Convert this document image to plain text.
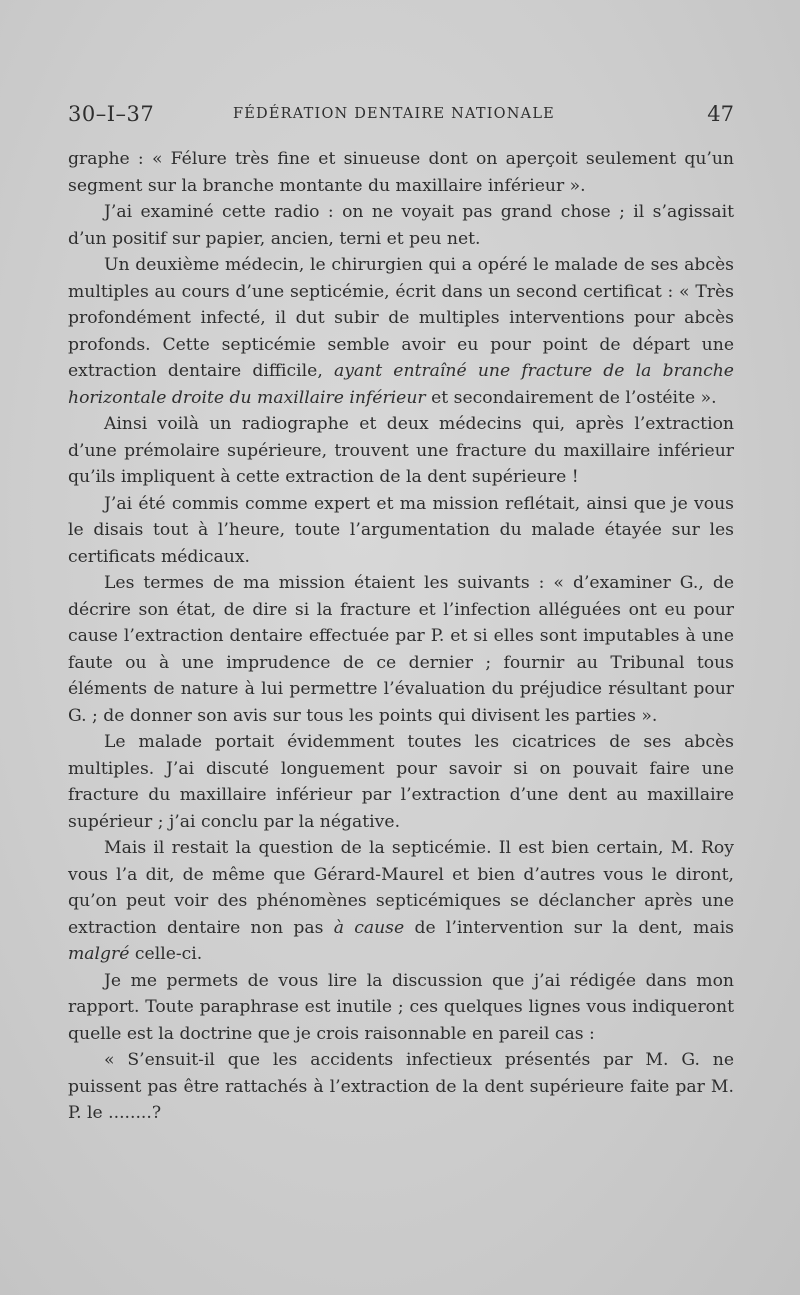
30–I–37	FÉDÉRATION DENTAIRE NATIONALE	47

graphe : « Félure très fine et sinueuse dont on aperçoit seulement qu’un segment sur la branche montante du maxillaire inférieur ».

J’ai examiné cette radio : on ne voyait pas grand chose ; il s’agissait d’un positif sur papier, ancien, terni et peu net.

Un deuxième médecin, le chirurgien qui a opéré le malade de ses abcès multiples au cours d’une septicémie, écrit dans un second certificat : « Très profondément infecté, il dut subir de multiples interventions pour abcès profonds. Cette septicémie semble avoir eu pour point de départ une extraction dentaire difficile, ayant entraîné une fracture de la branche horizontale droite du maxillaire inférieur et secondairement de l’ostéite ».

Ainsi voilà un radiographe et deux médecins qui, après l’extraction d’une prémolaire supérieure, trouvent une fracture du maxillaire inférieur qu’ils impliquent à cette extraction de la dent supérieure !

J’ai été commis comme expert et ma mission reflétait, ainsi que je vous le disais tout à l’heure, toute l’argumentation du malade étayée sur les certificats médicaux.

Les termes de ma mission étaient les suivants : « d’examiner G., de décrire son état, de dire si la fracture et l’infection alléguées ont eu pour cause l’extraction dentaire effectuée par P. et si elles sont imputables à une faute ou à une imprudence de ce dernier ; fournir au Tribunal tous éléments de nature à lui permettre l’évaluation du préjudice résultant pour G. ; de donner son avis sur tous les points qui divisent les parties ».

Le malade portait évidemment toutes les cicatrices de ses abcès multiples. J’ai discuté longuement pour savoir si on pouvait faire une fracture du maxillaire inférieur par l’extraction d’une dent au maxillaire supérieur ; j’ai conclu par la négative.

Mais il restait la question de la septicémie. Il est bien certain, M. Roy vous l’a dit, de même que Gérard-Maurel et bien d’autres vous le diront, qu’on peut voir des phénomènes septicémiques se déclancher après une extraction dentaire non pas à cause de l’intervention sur la dent, mais malgré celle-ci.

Je me permets de vous lire la discussion que j’ai rédigée dans mon rapport. Toute paraphrase est inutile ; ces quelques lignes vous indiqueront quelle est la doctrine que je crois raisonnable en pareil cas :

« S’ensuit-il que les accidents infectieux présentés par M. G. ne puissent pas être rattachés à l’extraction de la dent supérieure faite par M. P. le ........?
